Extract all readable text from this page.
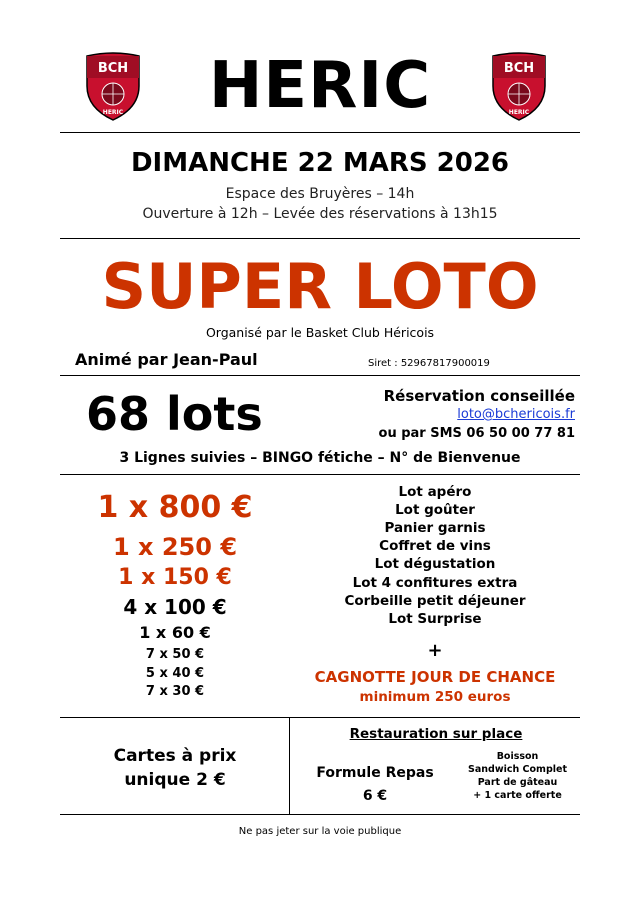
BCH
HERIC
BCH
HERIC
HERIC
DIMANCHE 22 MARS 2026
Espace des Bruyères – 14h
Ouverture à 12h – Levée des réservations à 13h15
SUPER LOTO
Organisé par le Basket Club Héricois
Animé par Jean-Paul	Siret : 52967817900019
68 lots	Réservation conseillée
loto@bchericois.fr
ou par SMS 06 50 00 77 81
3 Lignes suivies – BINGO fétiche – N° de Bienvenue
1 x 800 €
1 x 250 €
1 x 150 €
4 x 100 €
1 x 60 €
7 x 50 €
5 x 40 €
7 x 30 €
Lot apéro
Lot goûter
Panier garnis
Coffret de vins
Lot dégustation
Lot 4 confitures extra
Corbeille petit déjeuner
Lot Surprise
+
CAGNOTTE JOUR DE CHANCE
minimum 250 euros
Cartes à prix
unique 2 €
Restauration sur place
Formule Repas
6 €
Boisson
Sandwich Complet
Part de gâteau
+ 1 carte offerte
Ne pas jeter sur la voie publique
